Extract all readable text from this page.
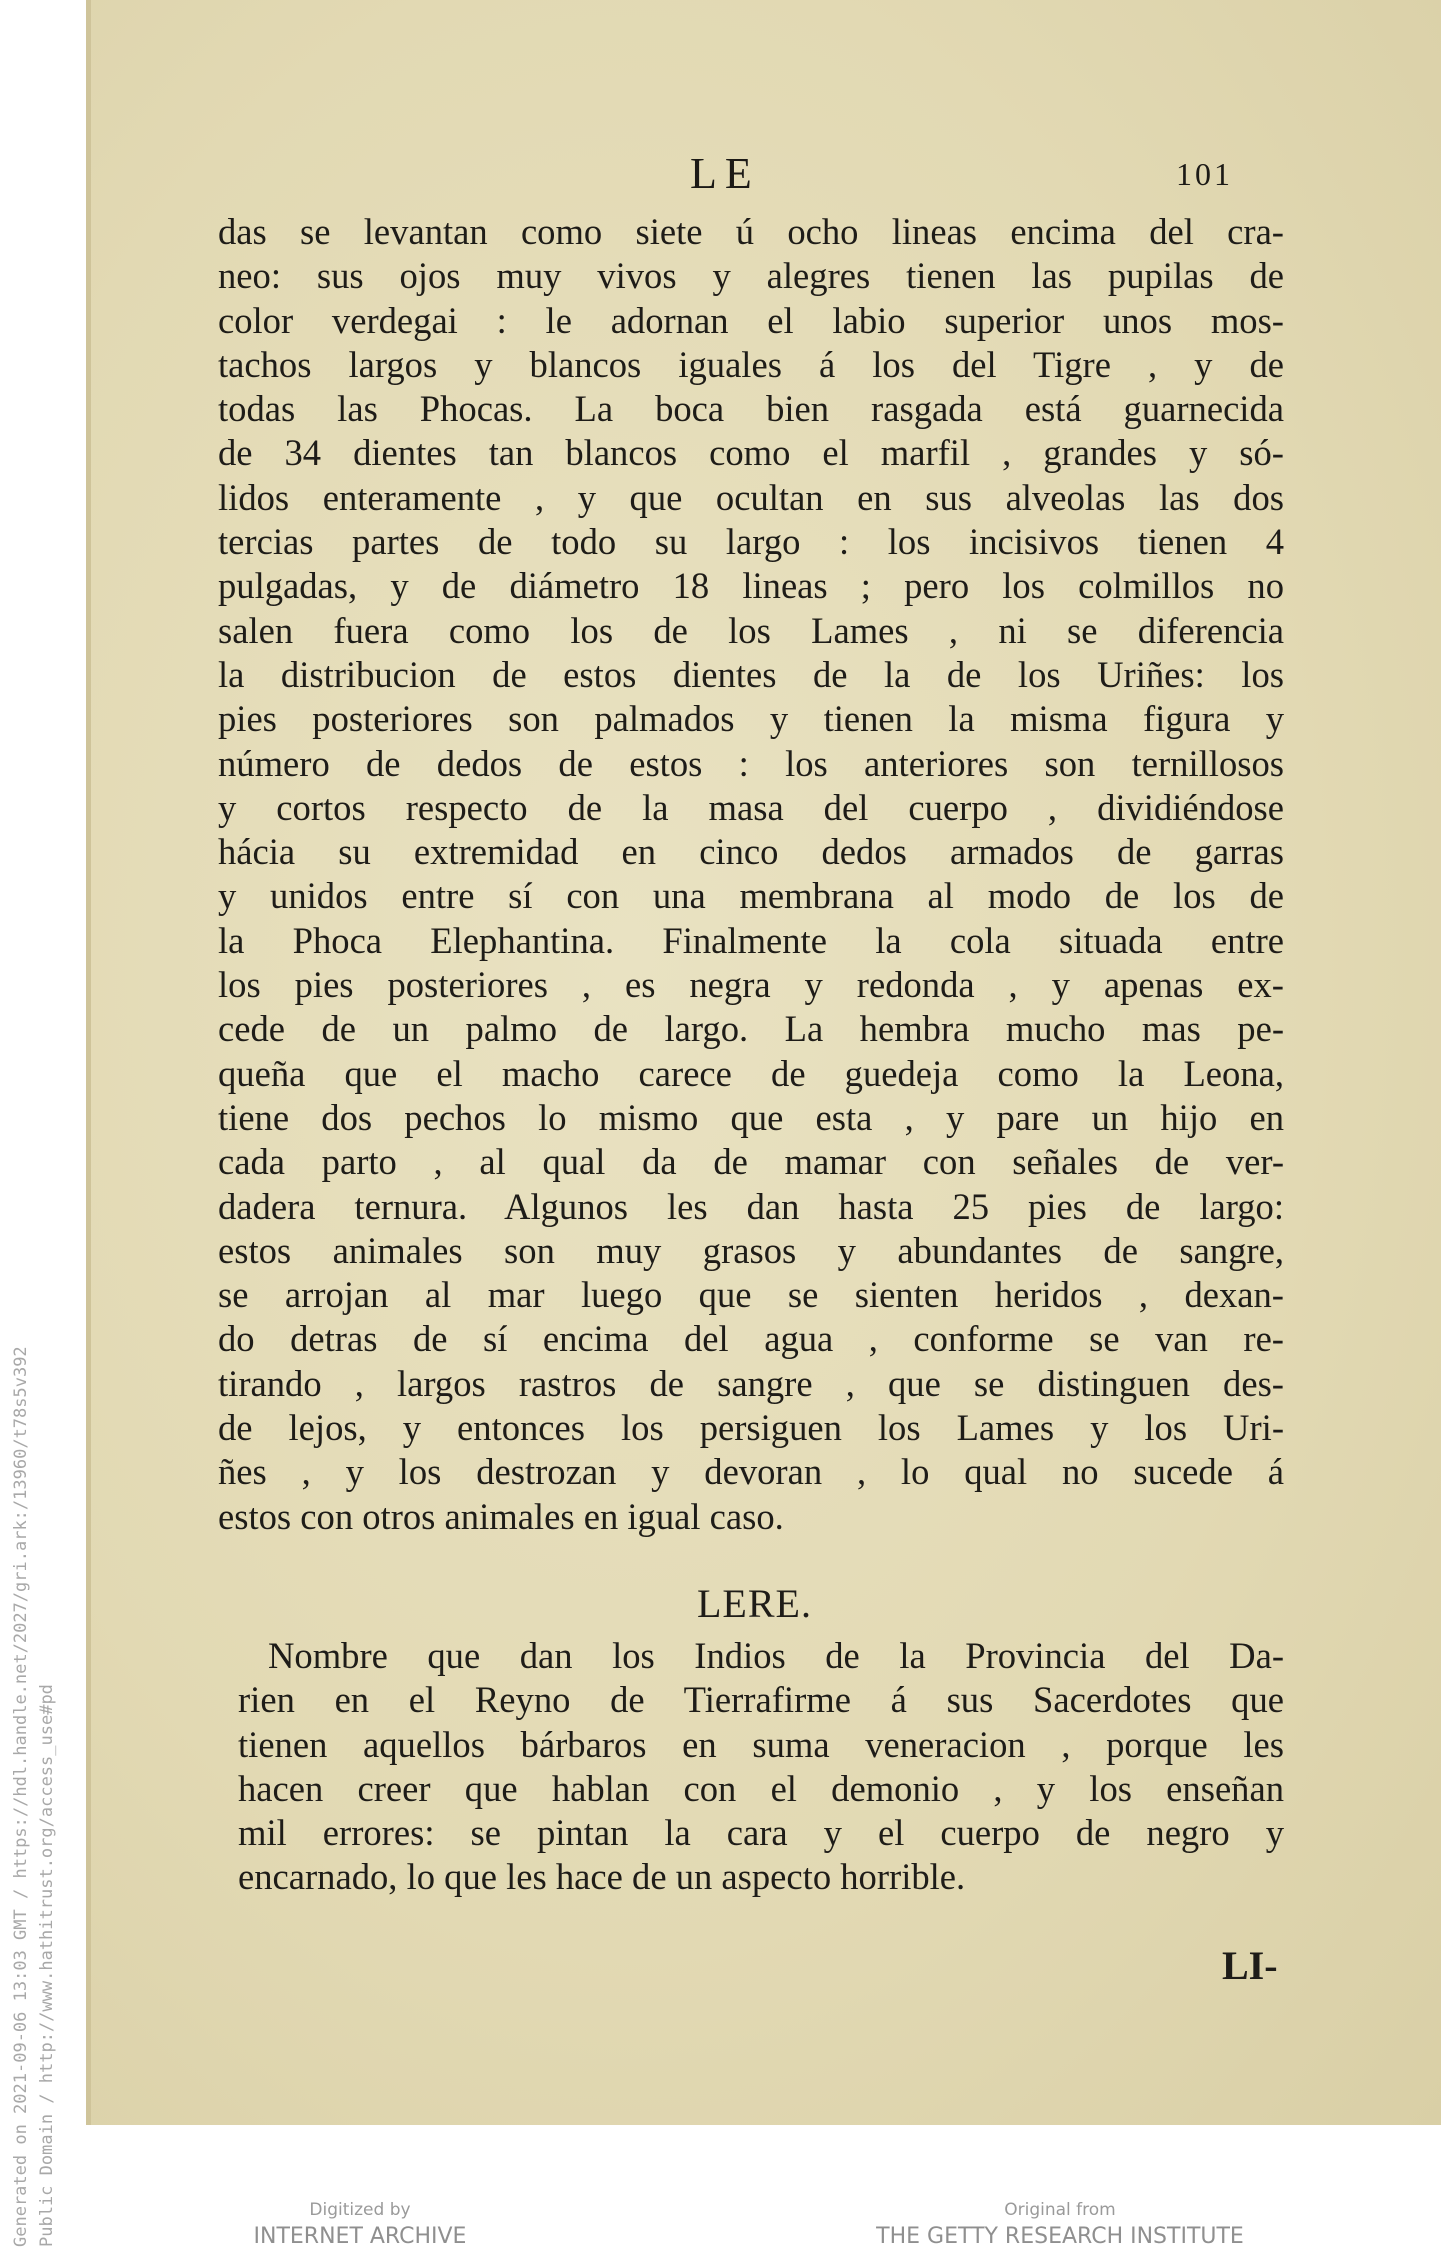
LE	101
das se levantan como siete ú ocho lineas encima del cra-
neo: sus ojos muy vivos y alegres tienen las pupilas de
color verdegai : le adornan el labio superior unos mos-
tachos largos y blancos iguales á los del Tigre , y de
todas las Phocas. La boca bien rasgada está guarnecida
de 34 dientes tan blancos como el marfil , grandes y só-
lidos enteramente , y que ocultan en sus alveolas las dos
tercias partes de todo su largo : los incisivos tienen 4
pulgadas, y de diámetro 18 lineas ; pero los colmillos no
salen fuera como los de los Lames , ni se diferencia
la distribucion de estos dientes de la de los Uriñes: los
pies posteriores son palmados y tienen la misma figura y
número de dedos de estos : los anteriores son ternillosos
y cortos respecto de la masa del cuerpo , dividiéndose
hácia su extremidad en cinco dedos armados de garras
y unidos entre sí con una membrana al modo de los de
la Phoca Elephantina. Finalmente la cola situada entre
los pies posteriores , es negra y redonda , y apenas ex-
cede de un palmo de largo. La hembra mucho mas pe-
queña que el macho carece de guedeja como la Leona,
tiene dos pechos lo mismo que esta , y pare un hijo en
cada parto , al qual da de mamar con señales de ver-
dadera ternura. Algunos les dan hasta 25 pies de largo:
estos animales son muy grasos y abundantes de sangre,
se arrojan al mar luego que se sienten heridos , dexan-
do detras de sí encima del agua , conforme se van re-
tirando , largos rastros de sangre , que se distinguen des-
de lejos, y entonces los persiguen los Lames y los Uri-
ñes , y los destrozan y devoran , lo qual no sucede á
estos con otros animales en igual caso.
LERE.
Nombre que dan los Indios de la Provincia del Da-
rien en el Reyno de Tierrafirme á sus Sacerdotes que
tienen aquellos bárbaros en suma veneracion , porque les
hacen creer que hablan con el demonio , y los enseñan
mil errores: se pintan la cara y el cuerpo de negro y
encarnado, lo que les hace de un aspecto horrible.
LI-
Generated on 2021-09-06 13:03 GMT / https://hdl.handle.net/2027/gri.ark:/13960/t78s5v392 Public Domain / http://www.hathitrust.org/access_use#pd	Digitized by
INTERNET ARCHIVE
Original from
THE GETTY RESEARCH INSTITUTE
